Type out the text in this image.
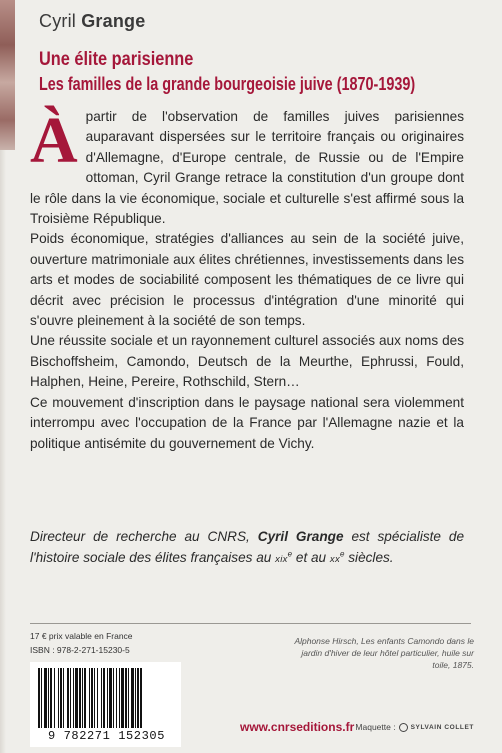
Cyril Grange
Une élite parisienne
Les familles de la grande bourgeoisie juive (1870-1939)

À partir de l'observation de familles juives parisiennes auparavant dispersées sur le territoire français ou originaires d'Allemagne, d'Europe centrale, de Russie ou de l'Empire ottoman, Cyril Grange retrace la constitution d'un groupe dont le rôle dans la vie économique, sociale et culturelle s'est affirmé sous la Troisième République.

Poids économique, stratégies d'alliances au sein de la société juive, ouverture matrimoniale aux élites chrétiennes, investissements dans les arts et modes de sociabilité composent les thématiques de ce livre qui décrit avec précision le processus d'intégration d'une minorité qui s'ouvre pleinement à la société de son temps.

Une réussite sociale et un rayonnement culturel associés aux noms des Bischoffsheim, Camondo, Deutsch de la Meurthe, Ephrussi, Fould, Halphen, Heine, Pereire, Rothschild, Stern…

Ce mouvement d'inscription dans le paysage national sera violemment interrompu avec l'occupation de la France par l'Allemagne nazie et la politique antisémite du gouvernement de Vichy.

Directeur de recherche au CNRS, Cyril Grange est spécialiste de l'histoire sociale des élites françaises au xix$^e$ et au $xx^e$ siècles.
17 € prix valable en France
ISBN : 978-2-271-15230-5
9 782271 152305
Alphonse Hirsch, Les enfants Camondo dans le jardin d'hiver de leur hôtel particulier, huile sur toile, 1875.
www.cnrseditions.fr Maquette : SYLVAIN COLLET
